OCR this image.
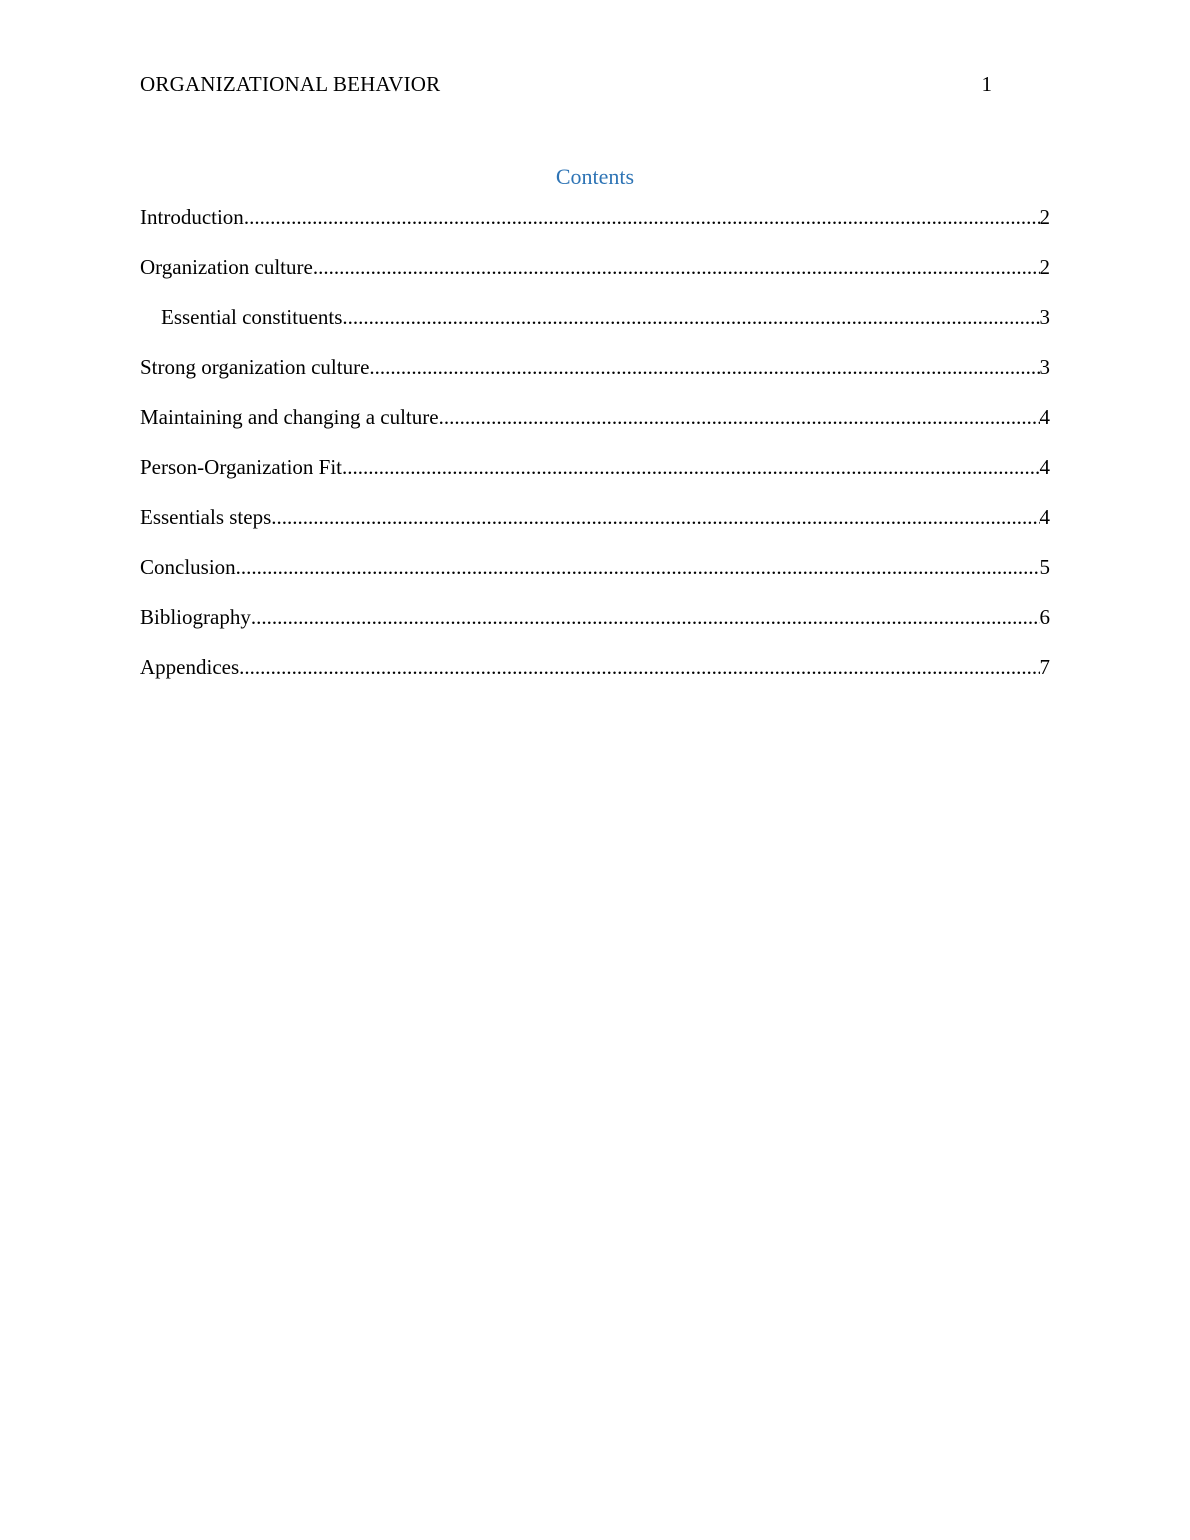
ORGANIZATIONAL BEHAVIOR	1
Contents
Introduction .....	2
Organization culture .....	2
Essential constituents .....	3
Strong organization culture .....	3
Maintaining and changing a culture .....	4
Person-Organization Fit .....	4
Essentials steps .....	4
Conclusion .....	5
Bibliography .....	6
Appendices .....	7
